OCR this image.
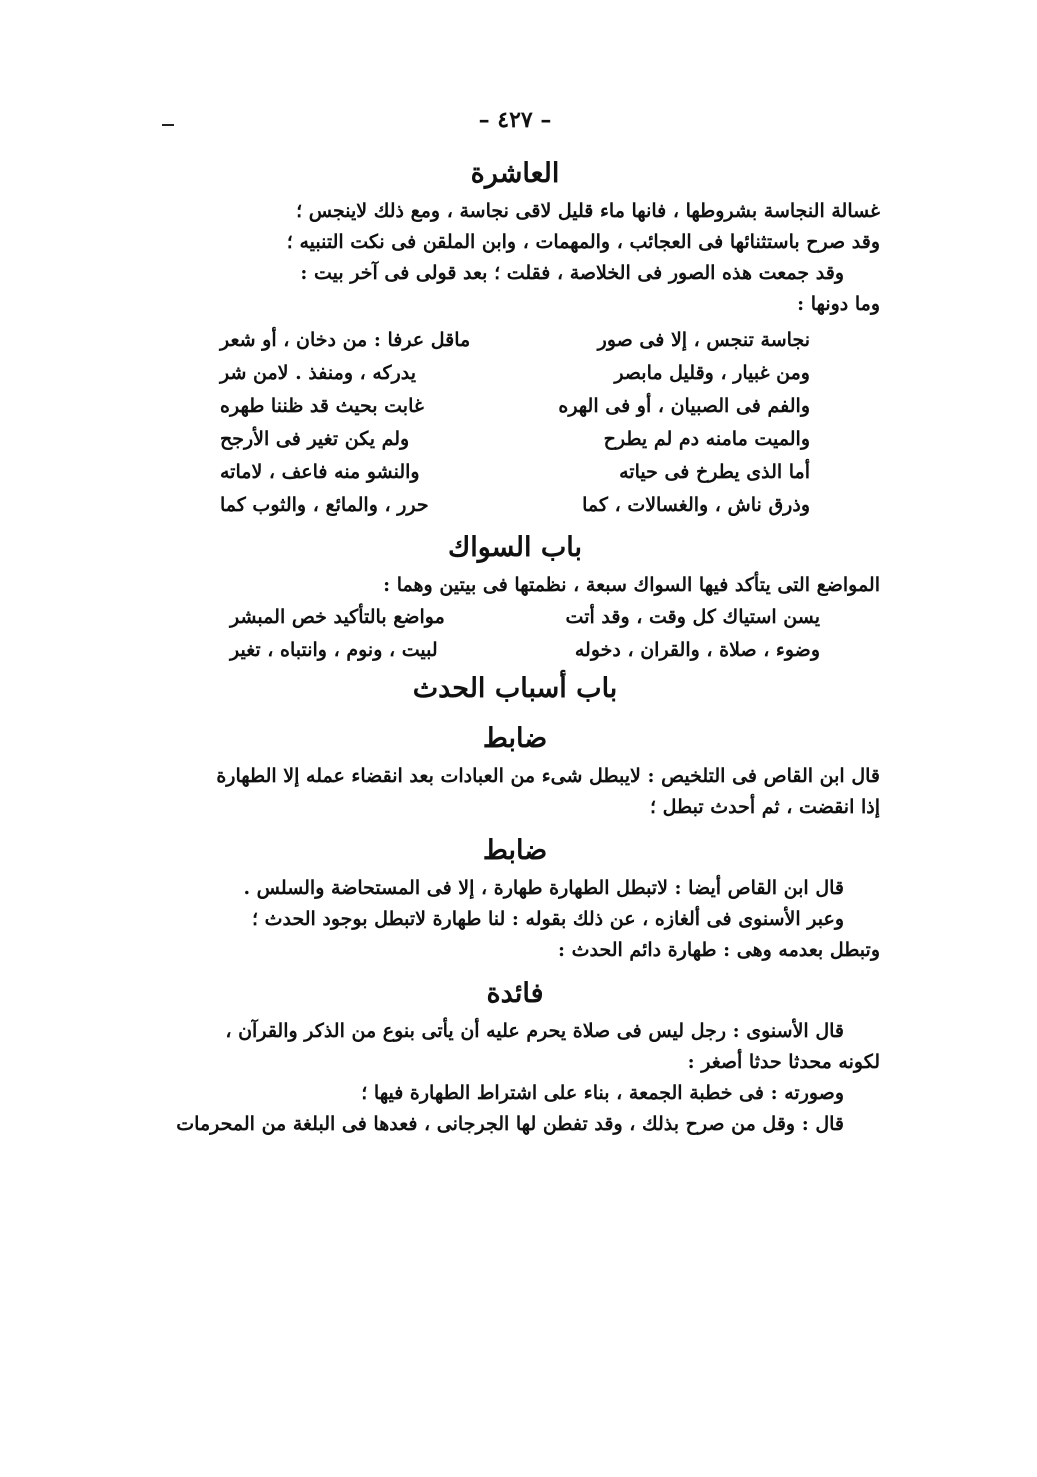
– ٤٢٧ –
العاشرة

غسالة النجاسة بشروطها ، فانها ماء قليل لاقى نجاسة ، ومع ذلك لاينجس ؛

وقد صرح باستثنائها فى العجائب ، والمهمات ، وابن الملقن فى نكت التنبيه ؛

وقد جمعت هذه الصور فى الخلاصة ، فقلت ؛ بعد قولى فى آخر بيت :

وما دونها :

نجاسة تنجس ، إلا فى صور
ماقل عرفا : من دخان ، أو شعر
ومن غبيار ، وقليل مابصر
يدركه ، ومنفذ . لامن شر
والفم فى الصبيان ، أو فى الهره
غابت بحيث قد ظننا طهره
والميت مامنه دم لم يطرح
ولم يكن تغير فى الأرجح
أما الذى يطرخ فى حياته
والنشو منه فاعف ، لاماته
وذرق ناش ، والغسالات ، كما
حرر ، والمائع ، والثوب كما
باب السواك

المواضع التى يتأكد فيها السواك سبعة ، نظمتها فى بيتين وهما :

يسن استياك كل وقت ، وقد أتت
مواضع بالتأكيد خص المبشر
وضوء ، صلاة ، والقران ، دخوله
لبيت ، ونوم ، وانتباه ، تغير
باب أسباب الحدث
ضابط

قال ابن القاص فى التلخيص : لايبطل شىء من العبادات بعد انقضاء عمله إلا الطهارة

إذا انقضت ، ثم أحدث تبطل ؛

ضابط

قال ابن القاص أيضا : لاتبطل الطهارة طهارة ، إلا فى المستحاضة والسلس .

وعبر الأسنوى فى ألغازه ، عن ذلك بقوله : لنا طهارة لاتبطل بوجود الحدث ؛

وتبطل بعدمه وهى : طهارة دائم الحدث :

فائدة

قال الأسنوى : رجل ليس فى صلاة يحرم عليه أن يأتى بنوع من الذكر والقرآن ،

لكونه محدثا حدثا أصغر :

وصورته : فى خطبة الجمعة ، بناء على اشتراط الطهارة فيها ؛

قال : وقل من صرح بذلك ، وقد تفطن لها الجرجانى ، فعدها فى البلغة من المحرمات
